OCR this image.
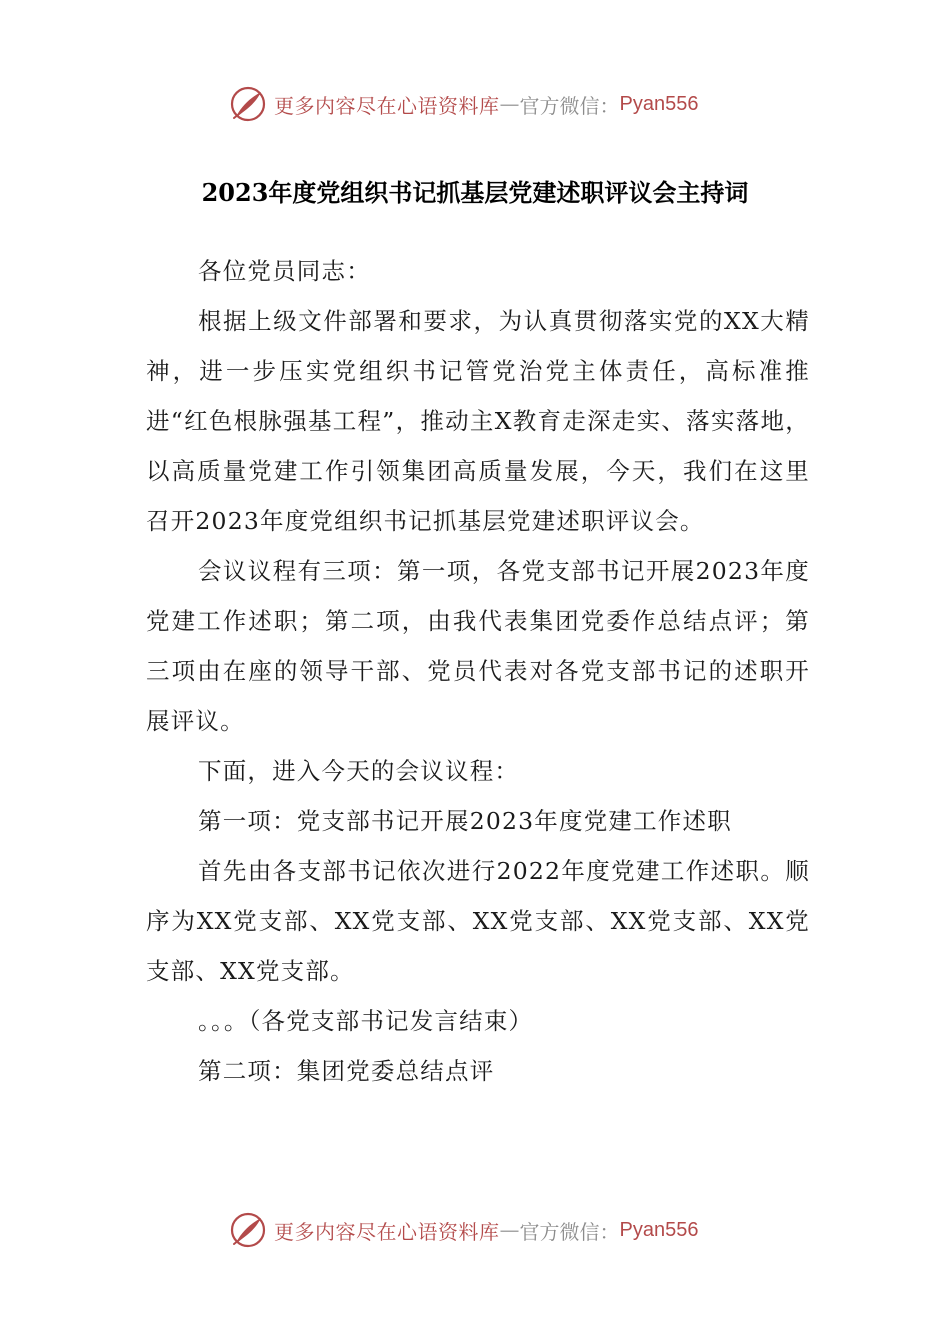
更多内容尽在心语资料库 — 官方微信： Pyan556
2023年度党组织书记抓基层党建述职评议会主持词

各位党员同志：

根据上级文件部署和要求，为认真贯彻落实党的XX大精神，进一步压实党组织书记管党治党主体责任，高标准推进“红色根脉强基工程”，推动主X教育走深走实、落实落地，以高质量党建工作引领集团高质量发展，今天，我们在这里召开2023年度党组织书记抓基层党建述职评议会。

会议议程有三项：第一项，各党支部书记开展2023年度党建工作述职；第二项，由我代表集团党委作总结点评；第三项由在座的领导干部、党员代表对各党支部书记的述职开展评议。

下面，进入今天的会议议程：

第一项：党支部书记开展2023年度党建工作述职

首先由各支部书记依次进行2022年度党建工作述职。顺序为XX党支部、XX党支部、XX党支部、XX党支部、XX党支部、XX党支部。

。。。（各党支部书记发言结束）

第二项：集团党委总结点评

更多内容尽在心语资料库 — 官方微信： Pyan556
